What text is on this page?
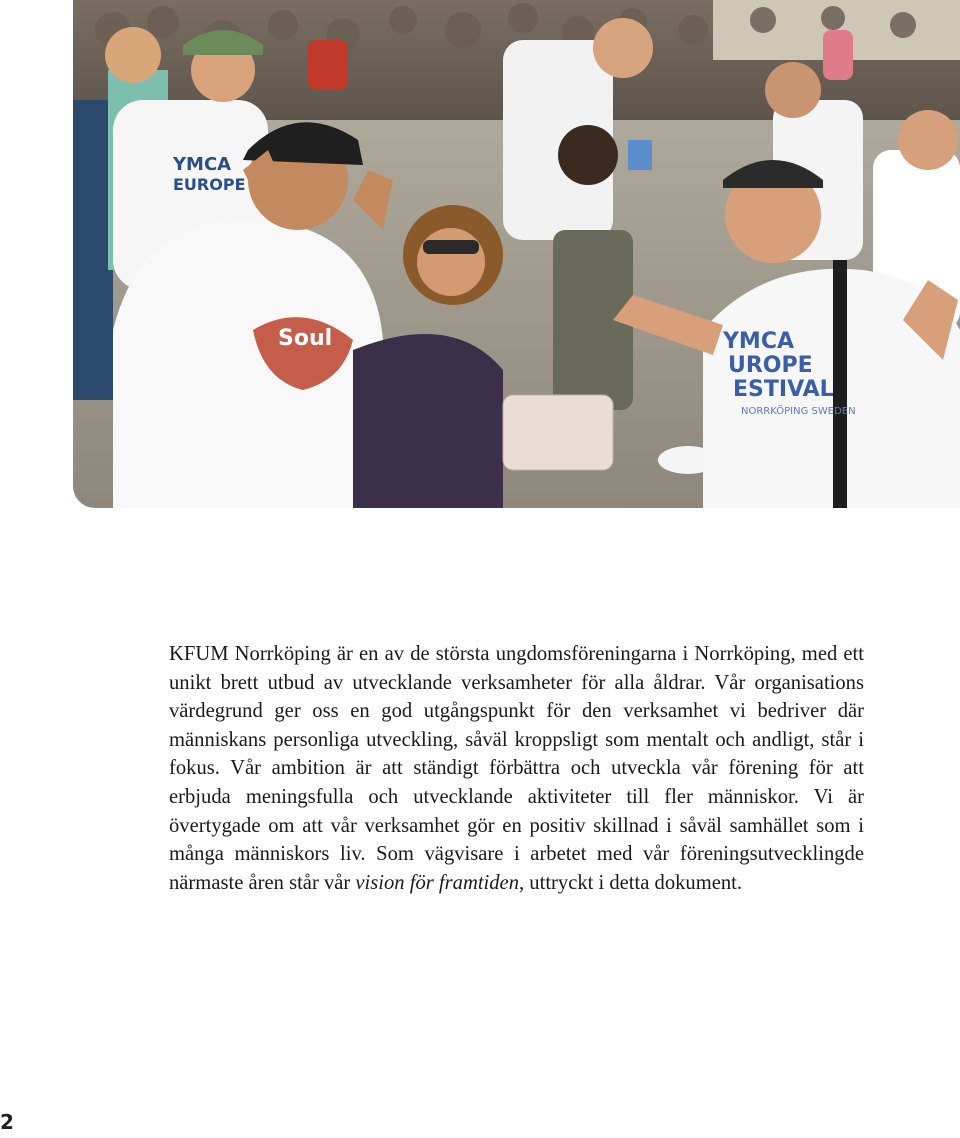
YMCA
EUROPE
Soul	YMCA
UROPE
ESTIVAL
NORRKÖPING SWEDEN

KFUM Norrköping är en av de största ungdomsföreningarna i Norrköping, med ett unikt brett utbud av utvecklande verksamheter för alla åldrar. Vår organisations värdegrund ger oss en god utgångspunkt för den verksamhet vi bedriver där människans personliga utveckling, såväl kroppsligt som mentalt och andligt, står i fokus. Vår ambition är att ständigt förbättra och utveckla vår förening för att erbjuda meningsfulla och utvecklande aktiviteter till fler människor. Vi är övertygade om att vår verksamhet gör en positiv skillnad i såväl samhället som i många människors liv. Som vägvisare i arbetet med vår föreningsutvecklingde närmaste åren står vår vision för framtiden, uttryckt i detta dokument.

2
